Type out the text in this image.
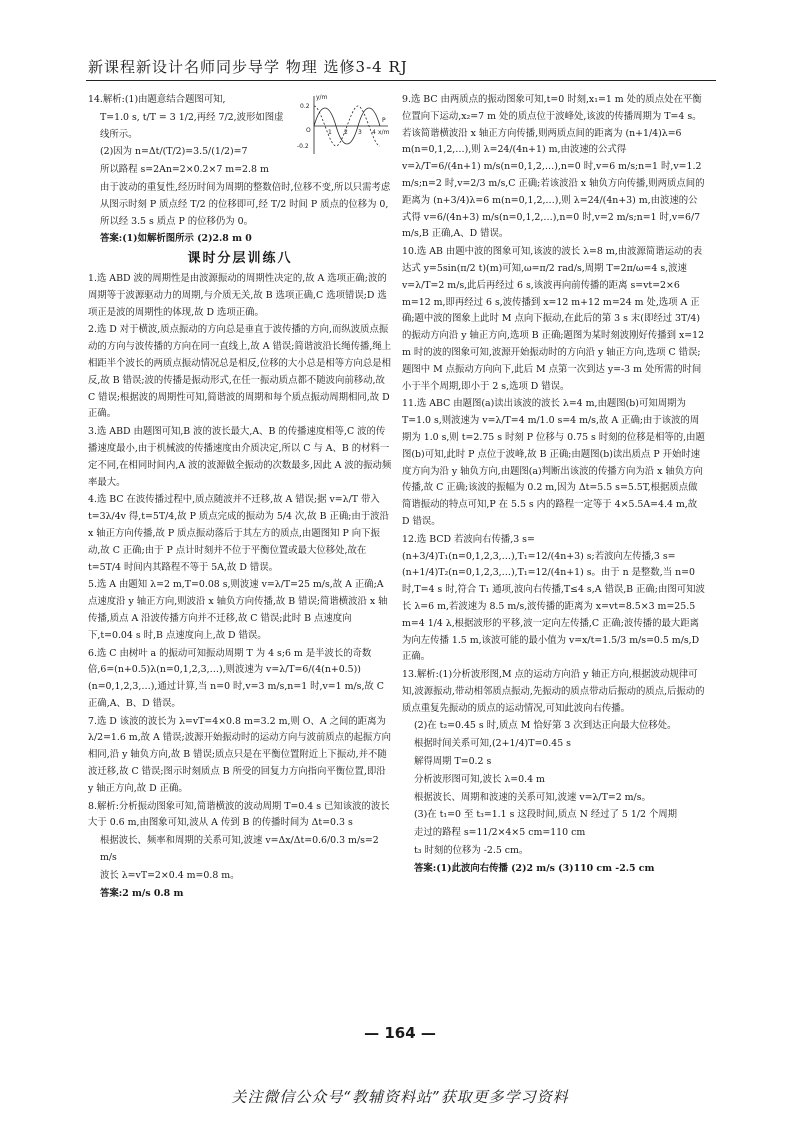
新课程新设计名师同步导学 物理 选修3-4 RJ
y/m
x/m
0.2
O
-0.2
1 2 3 4
P
14.解析:(1)由题意结合题图可知,
T=1.0 s, t/T = 3 1/2,再经 7/2,波形如图虚线所示。
(2)因为 n=Δt/(T/2)=3.5/(1/2)=7
所以路程 s=2An=2×0.2×7 m=2.8 m
由于波动的重复性,经历时间为周期的整数倍时,位移不变,所以只需考虑从图示时刻 P 质点经 T/2 的位移即可,经 T/2 时间 P 质点的位移为 0,所以经 3.5 s 质点 P 的位移仍为 0。
答案:(1)如解析图所示 (2)2.8 m 0
课时分层训练八
1.选 ABD 波的周期性是由波源振动的周期性决定的,故 A 选项正确;波的周期等于波源驱动力的周期,与介质无关,故 B 选项正确,C 选项错误;D 选项正是波的周期性的体现,故 D 选项正确。
2.选 D 对于横波,质点振动的方向总是垂直于波传播的方向,而纵波质点振动的方向与波传播的方向在同一直线上,故 A 错误;简谐波沿长绳传播,绳上相距半个波长的两质点振动情况总是相反,位移的大小总是相等方向总是相反,故 B 错误;波的传播是振动形式,在任一振动质点都不随波向前移动,故 C 错误;根据波的周期性可知,简谐波的周期和每个质点振动周期相同,故 D 正确。
3.选 ABD 由题图可知,B 波的波长最大,A、B 的传播速度相等,C 波的传播速度最小,由于机械波的传播速度由介质决定,所以 C 与 A、B 的材料一定不同,在相同时间内,A 波的波源做全振动的次数最多,因此 A 波的振动频率最大。
4.选 BC 在波传播过程中,质点随波并不迁移,故 A 错误;据 v=λ/T 带入 t=3λ/4v 得,t=5T/4,故 P 质点完成的振动为 5/4 次,故 B 正确;由于波沿 x 轴正方向传播,故 P 质点振动落后于其左方的质点,由题图知 P 向下振动,故 C 正确;由于 P 点计时刻并不位于平衡位置或最大位移处,故在 t=5T/4 时间内其路程不等于 5A,故 D 错误。
5.选 A 由题知 λ=2 m,T=0.08 s,则波速 v=λ/T=25 m/s,故 A 正确;A 点速度沿 y 轴正方向,则波沿 x 轴负方向传播,故 B 错误;简谐横波沿 x 轴传播,质点 A 沿波传播方向并不迁移,故 C 错误;此时 B 点速度向下,t=0.04 s 时,B 点速度向上,故 D 错误。
6.选 C 由树叶 a 的振动可知振动周期 T 为 4 s;6 m 是半波长的奇数倍,6=(n+0.5)λ(n=0,1,2,3,…),则波速为 v=λ/T=6/(4(n+0.5))(n=0,1,2,3,…),通过计算,当 n=0 时,v=3 m/s,n=1 时,v=1 m/s,故 C 正确,A、B、D 错误。
7.选 D 该波的波长为 λ=vT=4×0.8 m=3.2 m,则 O、A 之间的距离为 λ/2=1.6 m,故 A 错误;波源开始振动时的运动方向与波前质点的起振方向相同,沿 y 轴负方向,故 B 错误;质点只是在平衡位置附近上下振动,并不随波迁移,故 C 错误;图示时刻质点 B 所受的回复力方向指向平衡位置,即沿 y 轴正方向,故 D 正确。
8.解析:分析振动图象可知,简谐横波的波动周期 T=0.4 s 已知该波的波长大于 0.6 m,由图象可知,波从 A 传到 B 的传播时间为 Δt=0.3 s
根据波长、频率和周期的关系可知,波速 v=Δx/Δt=0.6/0.3 m/s=2 m/s
波长 λ=vT=2×0.4 m=0.8 m。
答案:2 m/s 0.8 m
9.选 BC 由两质点的振动图象可知,t=0 时刻,x₁=1 m 处的质点处在平衡位置向下运动,x₂=7 m 处的质点位于波峰处,该波的传播周期为 T=4 s。若该简谐横波沿 x 轴正方向传播,则两质点间的距离为 (n+1/4)λ=6 m(n=0,1,2,…),则 λ=24/(4n+1) m,由波速的公式得 v=λ/T=6/(4n+1) m/s(n=0,1,2,…),n=0 时,v=6 m/s;n=1 时,v=1.2 m/s;n=2 时,v=2/3 m/s,C 正确;若该波沿 x 轴负方向传播,则两质点间的距离为 (n+3/4)λ=6 m(n=0,1,2,…),则 λ=24/(4n+3) m,由波速的公式得 v=6/(4n+3) m/s(n=0,1,2,…),n=0 时,v=2 m/s;n=1 时,v=6/7 m/s,B 正确,A、D 错误。
10.选 AB 由题中波的图象可知,该波的波长 λ=8 m,由波源简谐运动的表达式 y=5sin(π/2 t)(m)可知,ω=π/2 rad/s,周期 T=2π/ω=4 s,波速 v=λ/T=2 m/s,此后再经过 6 s,该波再向前传播的距离 s=vt=2×6 m=12 m,即再经过 6 s,波传播到 x=12 m+12 m=24 m 处,选项 A 正确;题中波的图象上此时 M 点向下振动,在此后的第 3 s 末(即经过 3T/4)的振动方向沿 y 轴正方向,选项 B 正确;题图为某时刻波刚好传播到 x=12 m 时的波的图象可知,波源开始振动时的方向沿 y 轴正方向,选项 C 错误;题图中 M 点振动方向向下,此后 M 点第一次到达 y=-3 m 处所需的时间小于半个周期,即小于 2 s,选项 D 错误。
11.选 ABC 由题图(a)读出该波的波长 λ=4 m,由题图(b)可知周期为 T=1.0 s,则波速为 v=λ/T=4 m/1.0 s=4 m/s,故 A 正确;由于该波的周期为 1.0 s,则 t=2.75 s 时刻 P 位移与 0.75 s 时刻的位移是相等的,由题图(b)可知,此时 P 点位于波峰,故 B 正确;由题图(b)读出质点 P 开始时速度方向为沿 y 轴负方向,由题图(a)判断出该波的传播方向为沿 x 轴负方向传播,故 C 正确;该波的振幅为 0.2 m,因为 Δt=5.5 s=5.5T,根据质点做简谐振动的特点可知,P 在 5.5 s 内的路程一定等于 4×5.5A=4.4 m,故 D 错误。
12.选 BCD 若波向右传播,3 s=(n+3/4)T₁(n=0,1,2,3,…),T₁=12/(4n+3) s;若波向左传播,3 s=(n+1/4)T₂(n=0,1,2,3,…),T₁=12/(4n+1) s。由于 n 是整数,当 n=0 时,T=4 s 时,符合 T₁ 通项,波向右传播,T≤4 s,A 错误,B 正确;由图可知波长 λ=6 m,若波速为 8.5 m/s,波传播的距离为 x=vt=8.5×3 m=25.5 m=4 1/4 λ,根据波形的平移,波一定向左传播,C 正确;波传播的最大距离为向左传播 1.5 m,该波可能的最小值为 v=x/t=1.5/3 m/s=0.5 m/s,D 正确。
13.解析:(1)分析波形图,M 点的运动方向沿 y 轴正方向,根据波动规律可知,波源振动,带动相邻质点振动,先振动的质点带动后振动的质点,后振动的质点重复先振动的质点的运动情况,可知此波向右传播。
(2)在 t₂=0.45 s 时,质点 M 恰好第 3 次到达正向最大位移处。
根据时间关系可知,(2+1/4)T=0.45 s
解得周期 T=0.2 s
分析波形图可知,波长 λ=0.4 m
根据波长、周期和波速的关系可知,波速 v=λ/T=2 m/s。
(3)在 t₁=0 至 t₃=1.1 s 这段时间,质点 N 经过了 5 1/2 个周期
走过的路程 s=11/2×4×5 cm=110 cm
t₃ 时刻的位移为 -2.5 cm。
答案:(1)此波向右传播 (2)2 m/s (3)110 cm -2.5 cm
— 164 —
关注微信公众号“教辅资料站”获取更多学习资料
